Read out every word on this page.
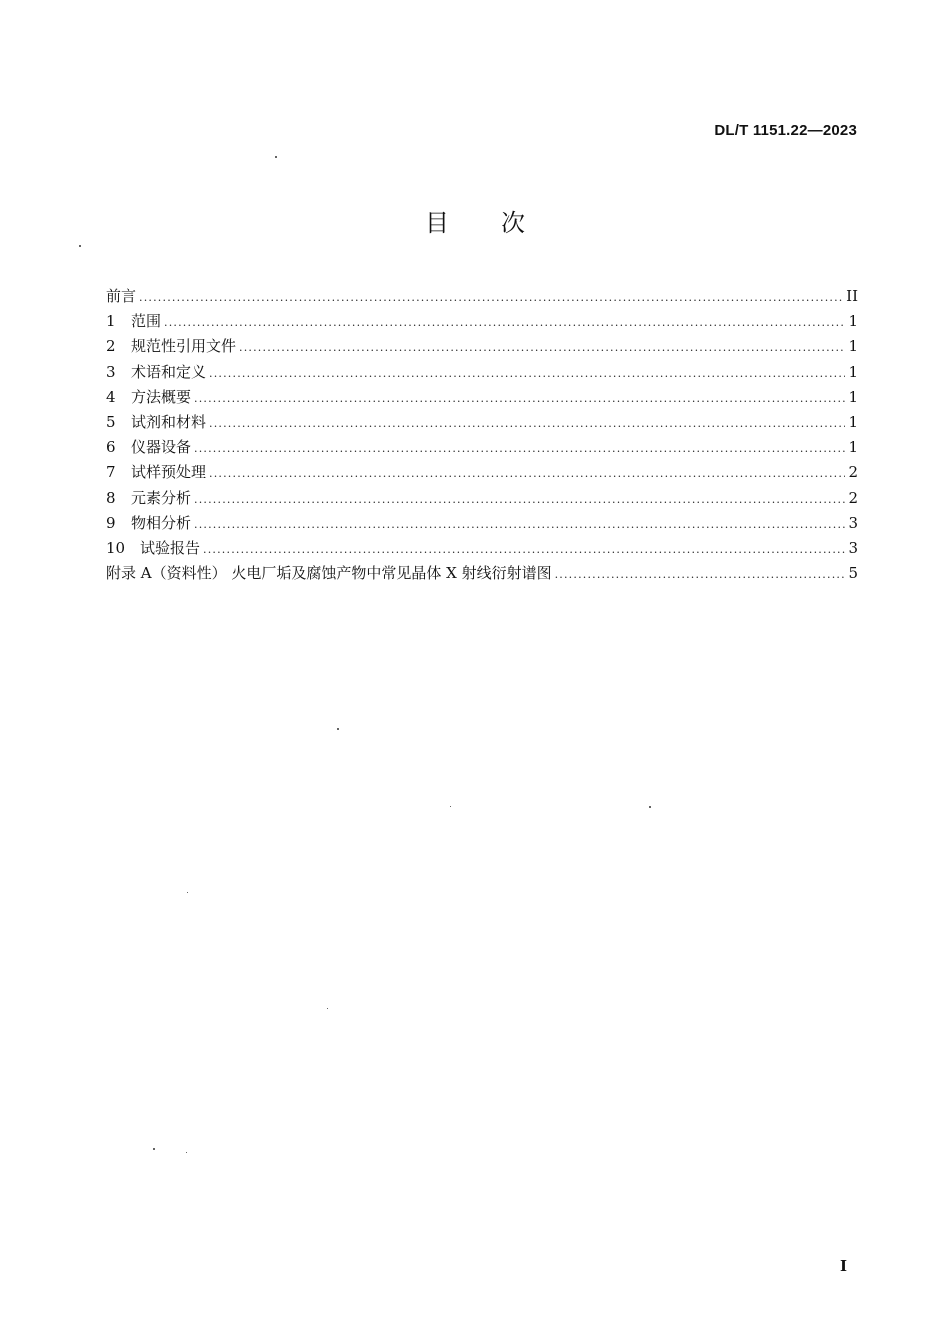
DL/T 1151.22—2023
目次
前言 .....	II
1 范围 .....	1
2 规范性引用文件 .....	1
3 术语和定义 .....	1
4 方法概要 .....	1
5 试剂和材料 .....	1
6 仪器设备 .....	1
7 试样预处理 .....	2
8 元素分析 .....	2
9 物相分析 .....	3
10 试验报告 .....	3
附录 A（资料性） 火电厂垢及腐蚀产物中常见晶体 X 射线衍射谱图 .....	5
I
